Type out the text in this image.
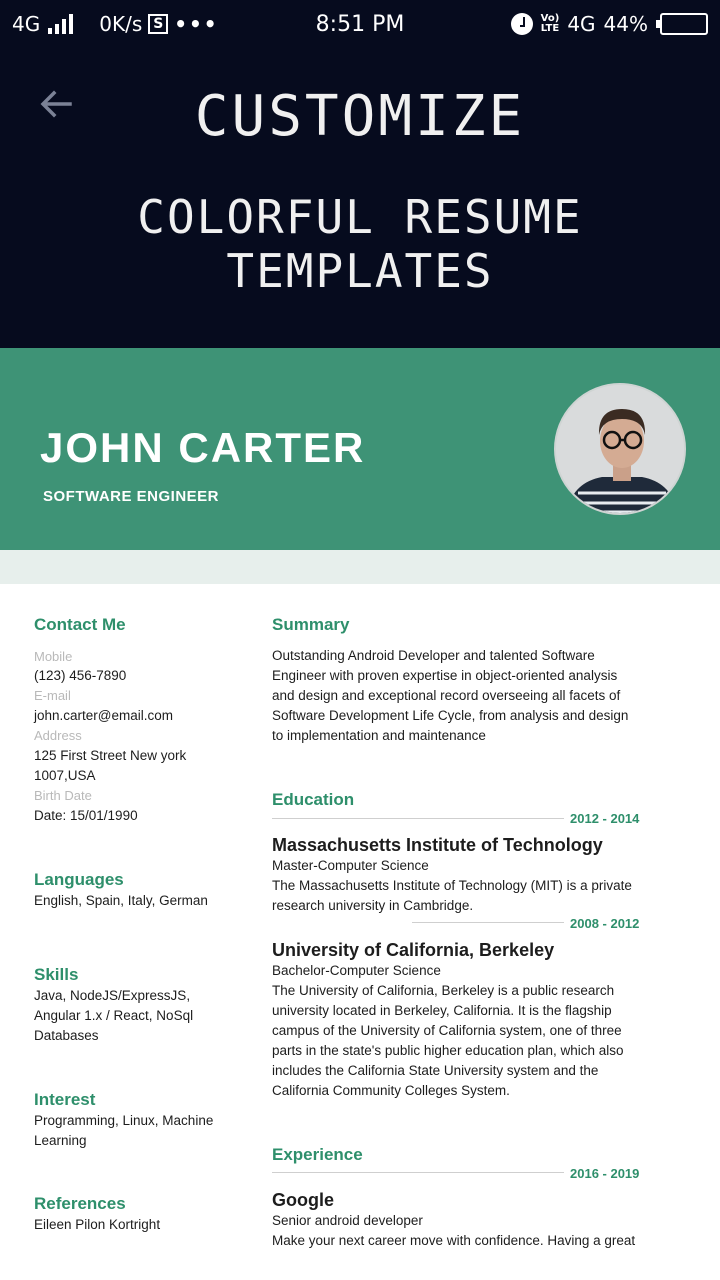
4G	0K/s S •••	8:51 PM	Vo)
LTE 4G 44%
CUSTOMIZE
COLORFUL RESUME TEMPLATES
JOHN CARTER
SOFTWARE ENGINEER
Contact Me
Mobile
(123) 456-7890
E-mail
john.carter@email.com
Address
125 First Street New york
1007,USA
Birth Date
Date: 15/01/1990
Languages
English, Spain, Italy, German
Skills
Java, NodeJS/ExpressJS,
Angular 1.x / React, NoSql
Databases
Interest
Programming, Linux, Machine
Learning
References
Eileen Pilon Kortright
Summary
Outstanding Android Developer and talented Software
Engineer with proven expertise in object-oriented analysis
and design and exceptional record overseeing all facets of
Software Development Life Cycle, from analysis and design
to implementation and maintenance
Education
2012 - 2014
Massachusetts Institute of Technology
Master-Computer Science
The Massachusetts Institute of Technology (MIT) is a private
research university in Cambridge.
2008 - 2012
University of California, Berkeley
Bachelor-Computer Science
The University of California, Berkeley is a public research
university located in Berkeley, California. It is the flagship
campus of the University of California system, one of three
parts in the state's public higher education plan, which also
includes the California State University system and the
California Community Colleges System.
Experience
2016 - 2019
Google
Senior android developer
Make your next career move with confidence. Having a great
